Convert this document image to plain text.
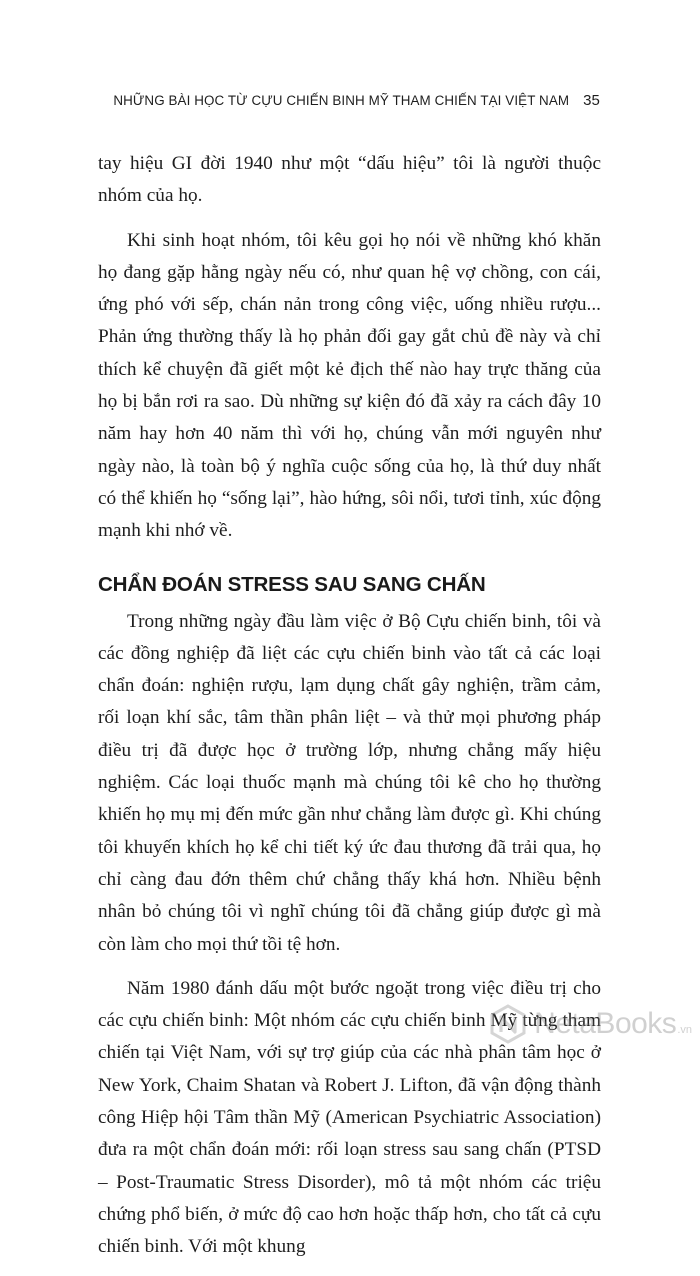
NHỮNG BÀI HỌC TỪ CỰU CHIẾN BINH MỸ THAM CHIẾN TẠI VIỆT NAM 35

tay hiệu GI đời 1940 như một “dấu hiệu” tôi là người thuộc nhóm của họ.

Khi sinh hoạt nhóm, tôi kêu gọi họ nói về những khó khăn họ đang gặp hằng ngày nếu có, như quan hệ vợ chồng, con cái, ứng phó với sếp, chán nản trong công việc, uống nhiều rượu... Phản ứng thường thấy là họ phản đối gay gắt chủ đề này và chỉ thích kể chuyện đã giết một kẻ địch thế nào hay trực thăng của họ bị bắn rơi ra sao. Dù những sự kiện đó đã xảy ra cách đây 10 năm hay hơn 40 năm thì với họ, chúng vẫn mới nguyên như ngày nào, là toàn bộ ý nghĩa cuộc sống của họ, là thứ duy nhất có thể khiến họ “sống lại”, hào hứng, sôi nổi, tươi tỉnh, xúc động mạnh khi nhớ về.

CHẨN ĐOÁN STRESS SAU SANG CHẤN

Trong những ngày đầu làm việc ở Bộ Cựu chiến binh, tôi và các đồng nghiệp đã liệt các cựu chiến binh vào tất cả các loại chẩn đoán: nghiện rượu, lạm dụng chất gây nghiện, trầm cảm, rối loạn khí sắc, tâm thần phân liệt – và thử mọi phương pháp điều trị đã được học ở trường lớp, nhưng chẳng mấy hiệu nghiệm. Các loại thuốc mạnh mà chúng tôi kê cho họ thường khiến họ mụ mị đến mức gần như chẳng làm được gì. Khi chúng tôi khuyến khích họ kể chi tiết ký ức đau thương đã trải qua, họ chỉ càng đau đớn thêm chứ chẳng thấy khá hơn. Nhiều bệnh nhân bỏ chúng tôi vì nghĩ chúng tôi đã chẳng giúp được gì mà còn làm cho mọi thứ tồi tệ hơn.

Năm 1980 đánh dấu một bước ngoặt trong việc điều trị cho các cựu chiến binh: Một nhóm các cựu chiến binh Mỹ từng tham chiến tại Việt Nam, với sự trợ giúp của các nhà phân tâm học ở New York, Chaim Shatan và Robert J. Lifton, đã vận động thành công Hiệp hội Tâm thần Mỹ (American Psychiatric Association) đưa ra một chẩn đoán mới: rối loạn stress sau sang chấn (PTSD – Post-Traumatic Stress Disorder), mô tả một nhóm các triệu chứng phổ biến, ở mức độ cao hơn hoặc thấp hơn, cho tất cả cựu chiến binh. Với một khung

NetaBooks .vn
